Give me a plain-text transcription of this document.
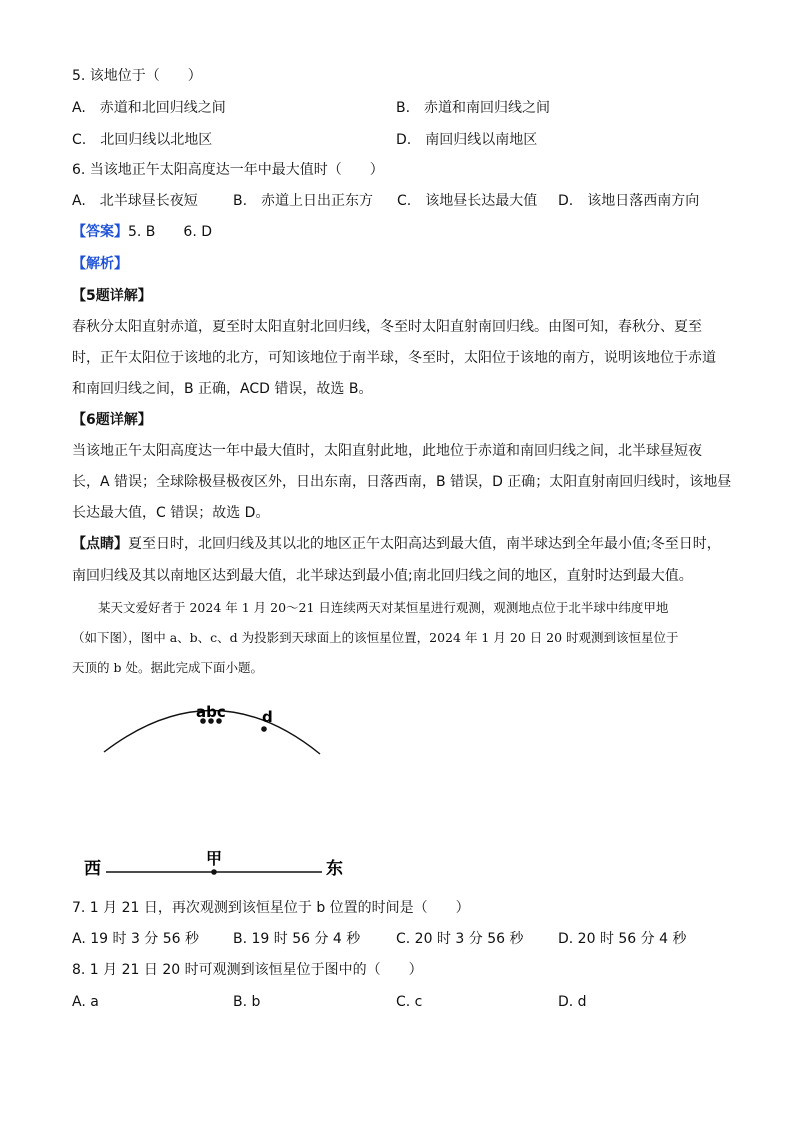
5. 该地位于（　　）
A.　赤道和北回归线之间	B.　赤道和南回归线之间
C.　北回归线以北地区	D.　南回归线以南地区
6. 当该地正午太阳高度达一年中最大值时（　　）
A.　北半球昼长夜短	B.　赤道上日出正东方 C.　该地昼长达最大值 D.　该地日落西南方向
【答案】5. B　　6. D
【解析】
【5题详解】
春秋分太阳直射赤道，夏至时太阳直射北回归线，冬至时太阳直射南回归线。由图可知，春秋分、夏至
时，正午太阳位于该地的北方，可知该地位于南半球，冬至时，太阳位于该地的南方，说明该地位于赤道
和南回归线之间，B 正确，ACD 错误，故选 B。
【6题详解】
当该地正午太阳高度达一年中最大值时，太阳直射此地，此地位于赤道和南回归线之间，北半球昼短夜
长，A 错误；全球除极昼极夜区外，日出东南，日落西南，B 错误，D 正确；太阳直射南回归线时，该地昼
长达最大值，C 错误；故选 D。
【点睛】夏至日时，北回归线及其以北的地区正午太阳高达到最大值，南半球达到全年最小值;冬至日时，
南回归线及其以南地区达到最大值，北半球达到最小值;南北回归线之间的地区，直射时达到最大值。
某天文爱好者于 2024 年 1 月 20～21 日连续两天对某恒星进行观测，观测地点位于北半球中纬度甲地
（如下图），图中 a、b、c、d 为投影到天球面上的该恒星位置，2024 年 1 月 20 日 20 时观测到该恒星位于
天顶的 b 处。据此完成下面小题。
abc d
西	东
甲
7. 1 月 21 日，再次观测到该恒星位于 b 位置的时间是（　　）
A. 19 时 3 分 56 秒 B. 19 时 56 分 4 秒	C. 20 时 3 分 56 秒 D. 20 时 56 分 4 秒
8. 1 月 21 日 20 时可观测到该恒星位于图中的（　　）
A. a	B. b	C. c	D. d
